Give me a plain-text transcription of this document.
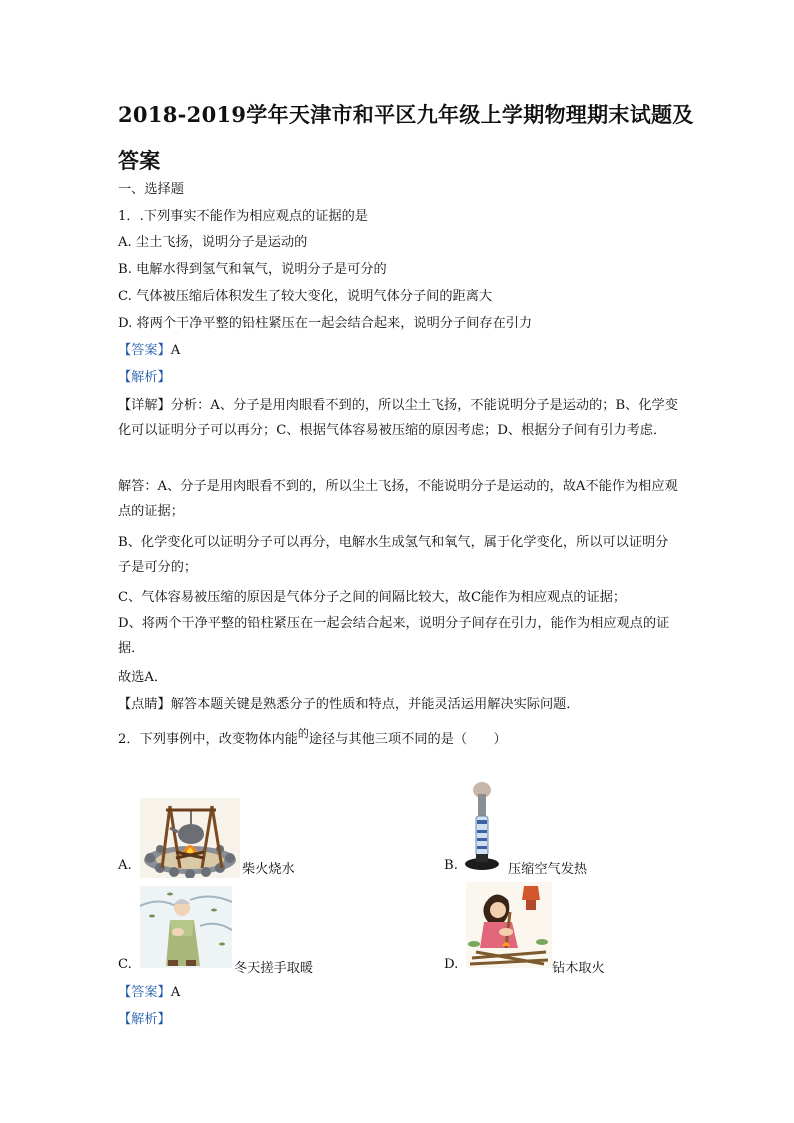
2018-2019学年天津市和平区九年级上学期物理期末试题及
答案
一、选择题
1．.下列事实不能作为相应观点的证据的是
A. 尘土飞扬，说明分子是运动的
B. 电解水得到氢气和氧气，说明分子是可分的
C. 气体被压缩后体积发生了较大变化，说明气体分子间的距离大
D. 将两个干净平整的铅柱紧压在一起会结合起来，说明分子间存在引力
【答案】A
【解析】
【详解】分析：A、分子是用肉眼看不到的，所以尘土飞扬，不能说明分子是运动的；B、化学变化可以证明分子可以再分；C、根据气体容易被压缩的原因考虑；D、根据分子间有引力考虑．
解答：A、分子是用肉眼看不到的，所以尘土飞扬，不能说明分子是运动的，故A不能作为相应观点的证据；
B、化学变化可以证明分子可以再分，电解水生成氢气和氧气，属于化学变化，所以可以证明分子是可分的；
C、气体容易被压缩的原因是气体分子之间的间隔比较大，故C能作为相应观点的证据；
D、将两个干净平整的铅柱紧压在一起会结合起来，说明分子间存在引力，能作为相应观点的证据．
故选A．
【点睛】解答本题关键是熟悉分子的性质和特点，并能灵活运用解决实际问题．
2．下列事例中，改变物体内能$^的$途径与其他三项不同的是（　　）
A.	柴火烧水	B.	压缩空气发热
C.	冬天搓手取暖	D.	钻木取火
【答案】A
【解析】
